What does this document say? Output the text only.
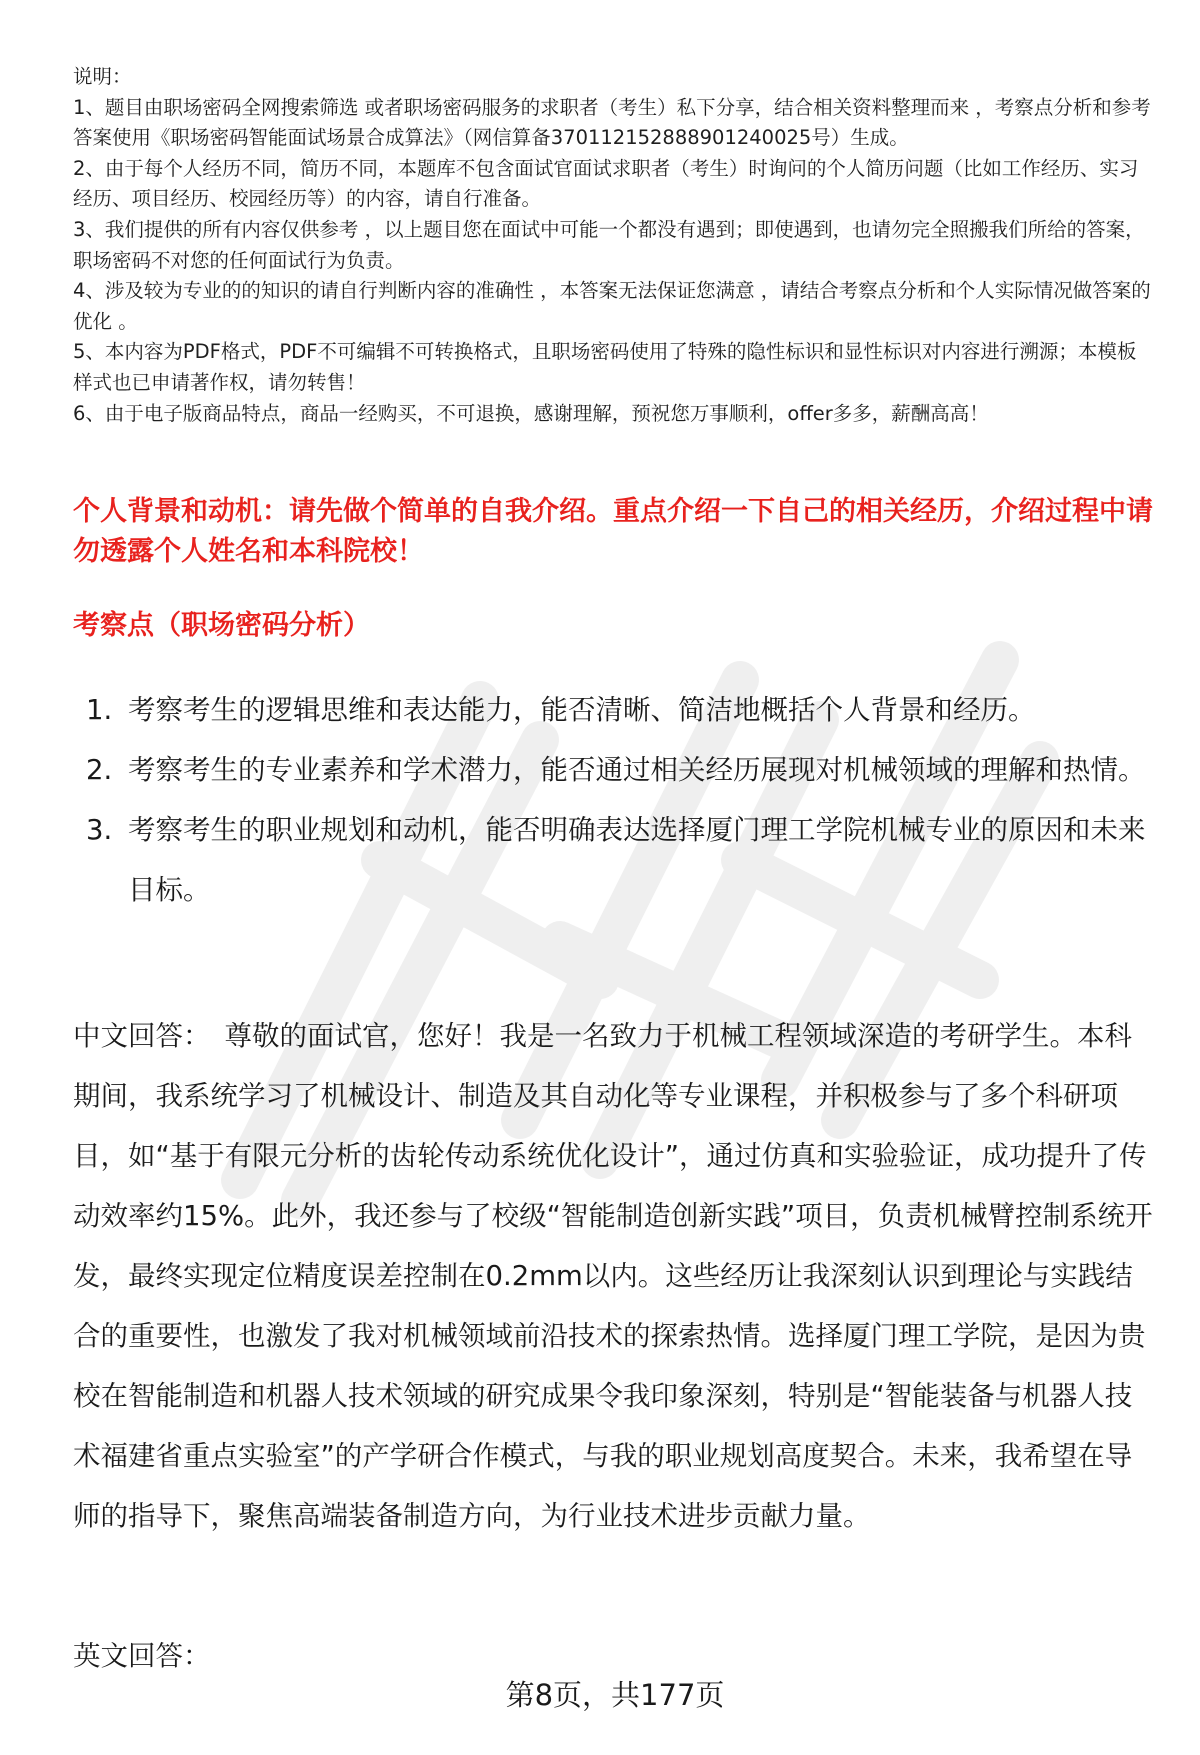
说明：

1、题目由职场密码全网搜索筛选 或者职场密码服务的求职者（考生）私下分享，结合相关资料整理而来 ，考察点分析和参考答案使用《职场密码智能面试场景合成算法》（网信算备370112152888901240025号）生成。

2、由于每个人经历不同，简历不同，本题库不包含面试官面试求职者（考生）时询问的个人简历问题（比如工作经历、实习经历、项目经历、校园经历等）的内容，请自行准备。

3、我们提供的所有内容仅供参考 ，以上题目您在面试中可能一个都没有遇到；即使遇到，也请勿完全照搬我们所给的答案，职场密码不对您的任何面试行为负责。

4、涉及较为专业的的知识的请自行判断内容的准确性 ，本答案无法保证您满意 ，请结合考察点分析和个人实际情况做答案的优化 。

5、本内容为PDF格式，PDF不可编辑不可转换格式，且职场密码使用了特殊的隐性标识和显性标识对内容进行溯源；本模板样式也已申请著作权，请勿转售！

6、由于电子版商品特点，商品一经购买，不可退换，感谢理解，预祝您万事顺利，offer多多，薪酬高高！

个人背景和动机：请先做个简单的自我介绍。重点介绍一下自己的相关经历，介绍过程中请勿透露个人姓名和本科院校！

考察点（职场密码分析）

1. 考察考生的逻辑思维和表达能力，能否清晰、简洁地概括个人背景和经历。
2. 考察考生的专业素养和学术潜力，能否通过相关经历展现对机械领域的理解和热情。
3. 考察考生的职业规划和动机，能否明确表达选择厦门理工学院机械专业的原因和未来目标。

中文回答： 尊敬的面试官，您好！我是一名致力于机械工程领域深造的考研学生。本科期间，我系统学习了机械设计、制造及其自动化等专业课程，并积极参与了多个科研项目，如“基于有限元分析的齿轮传动系统优化设计”，通过仿真和实验验证，成功提升了传动效率约15%。此外，我还参与了校级“智能制造创新实践”项目，负责机械臂控制系统开发，最终实现定位精度误差控制在0.2mm以内。这些经历让我深刻认识到理论与实践结合的重要性，也激发了我对机械领域前沿技术的探索热情。选择厦门理工学院，是因为贵校在智能制造和机器人技术领域的研究成果令我印象深刻，特别是“智能装备与机器人技术福建省重点实验室”的产学研合作模式，与我的职业规划高度契合。未来，我希望在导师的指导下，聚焦高端装备制造方向，为行业技术进步贡献力量。

英文回答：

第8页，共177页
